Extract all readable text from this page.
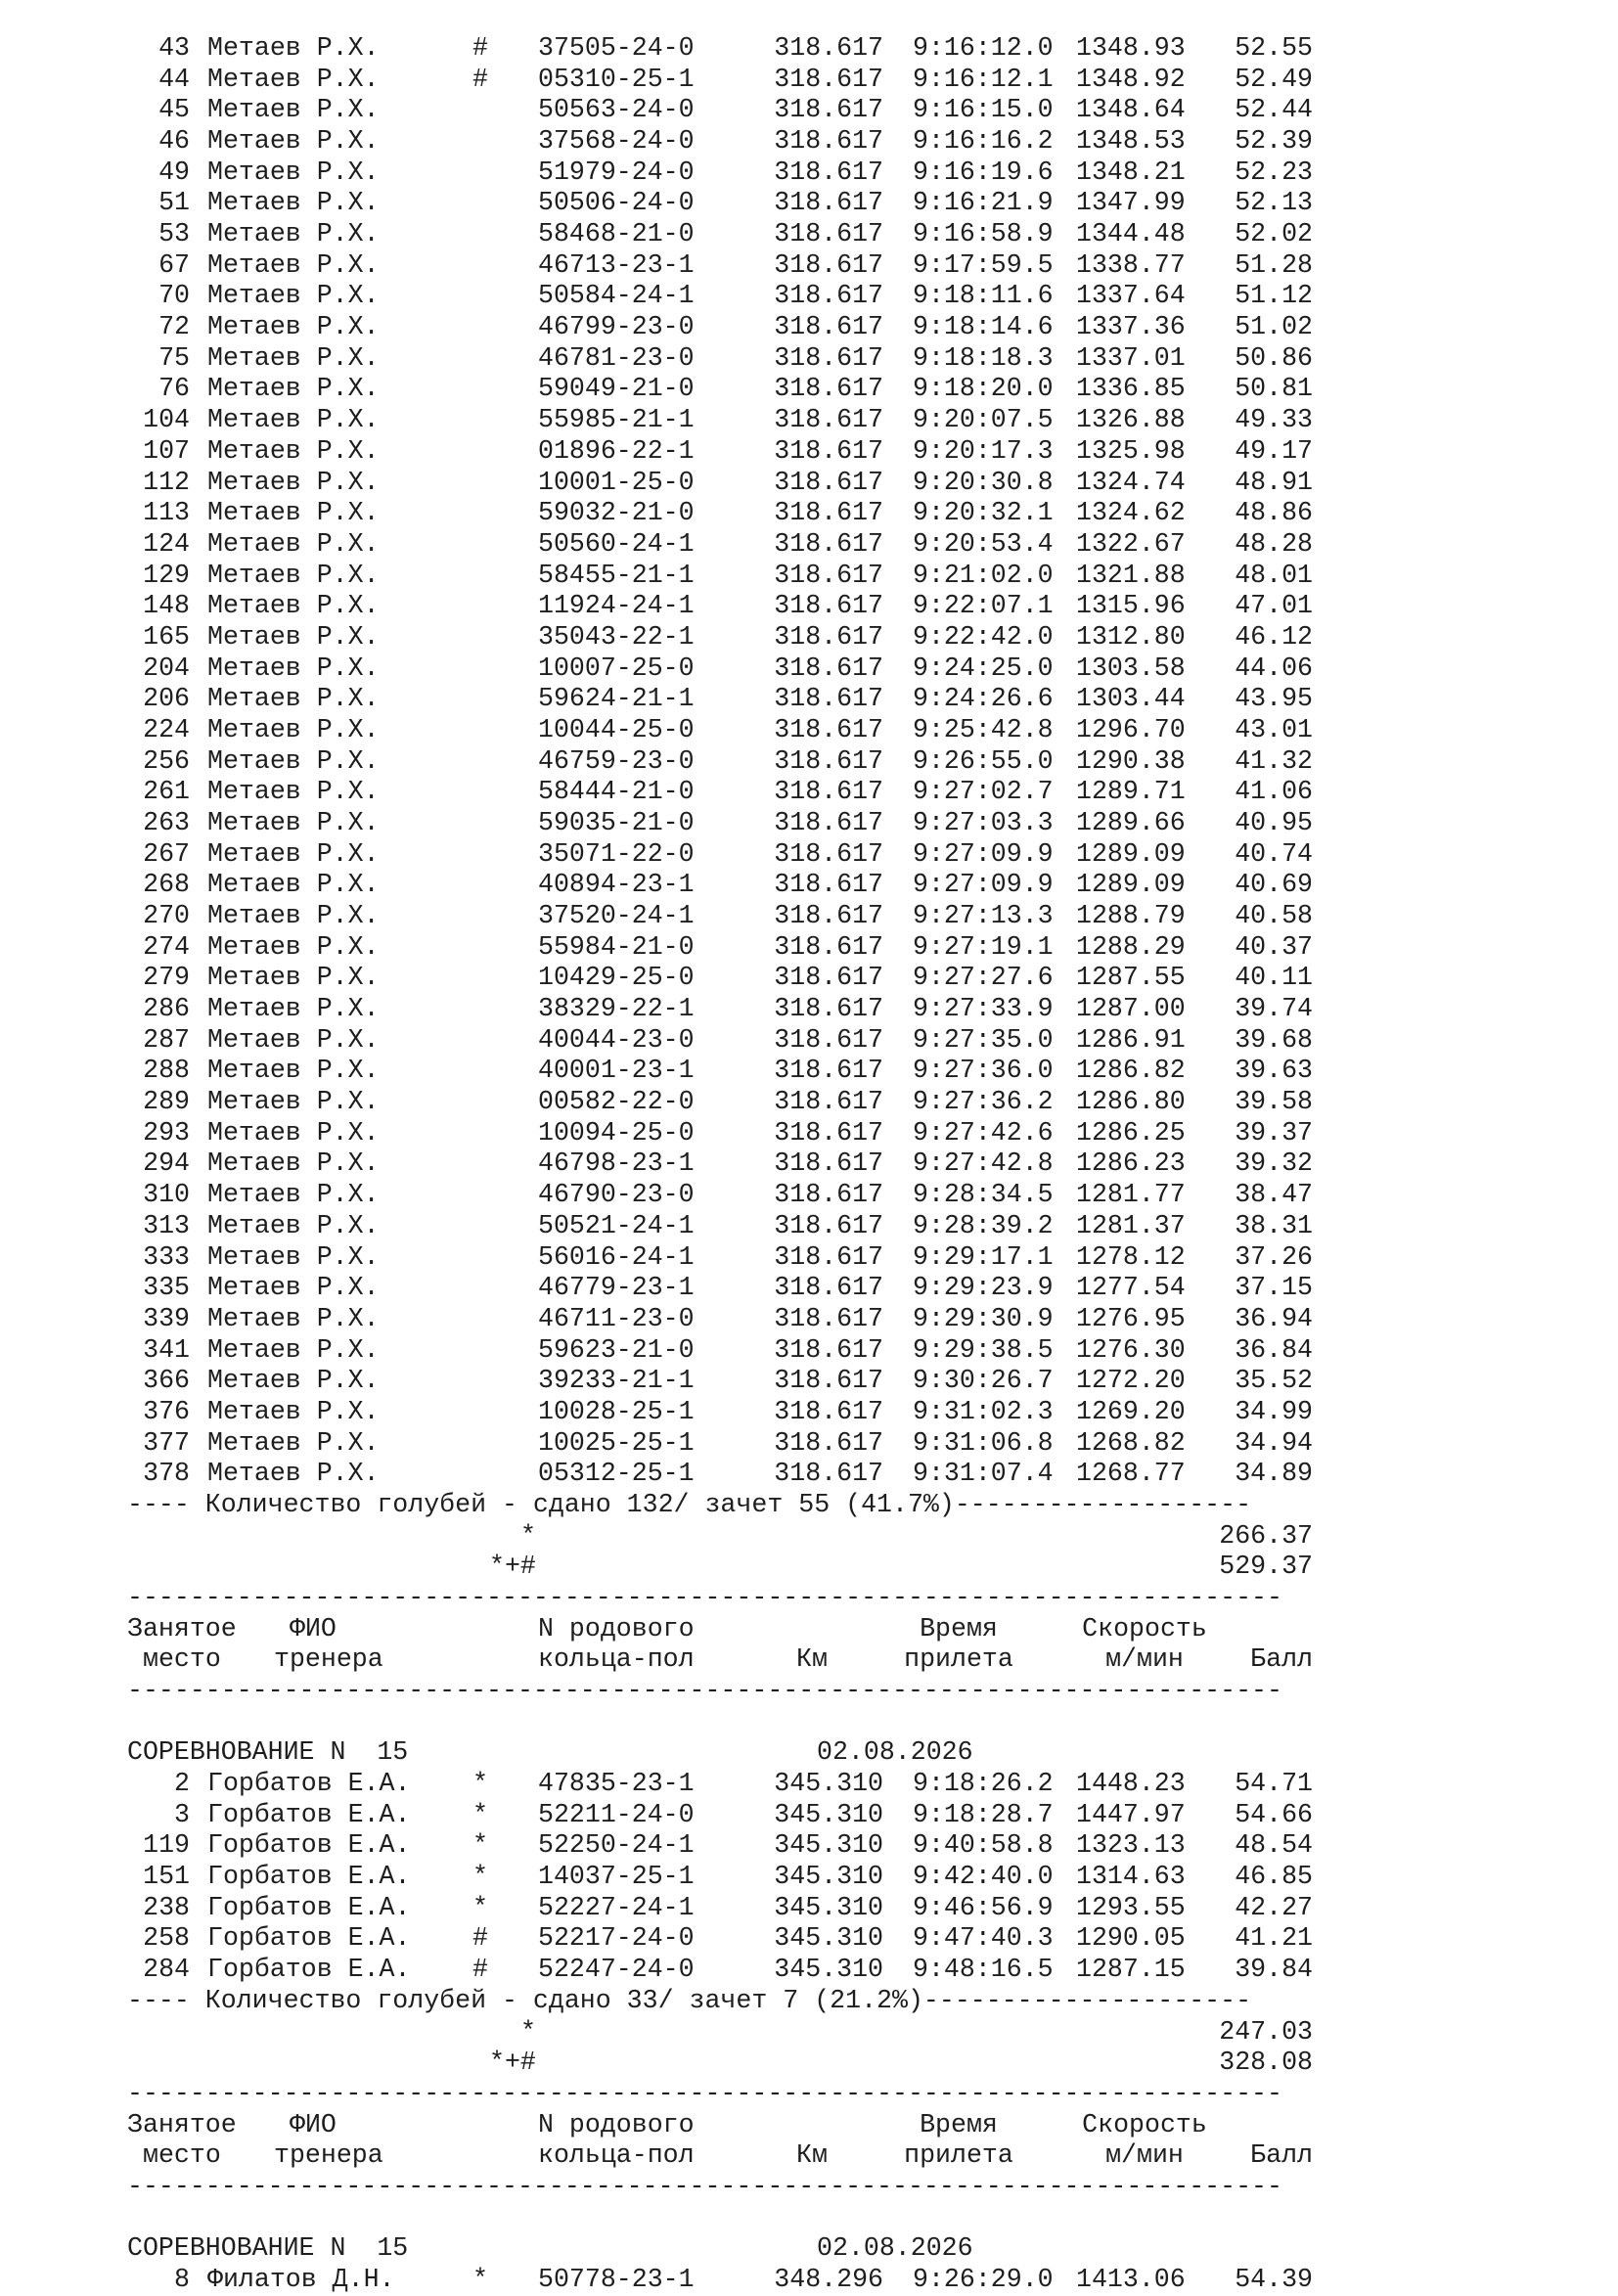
43 Метаев Р.Х.	# 37505-24-0	318.617 9:16:12.0 1348.93	52.55
44 Метаев Р.Х.	# 05310-25-1	318.617 9:16:12.1 1348.92	52.49
45 Метаев Р.Х.	50563-24-0	318.617 9:16:15.0 1348.64	52.44
46 Метаев Р.Х.	37568-24-0	318.617 9:16:16.2 1348.53	52.39
49 Метаев Р.Х.	51979-24-0	318.617 9:16:19.6 1348.21	52.23
51 Метаев Р.Х.	50506-24-0	318.617 9:16:21.9 1347.99	52.13
53 Метаев Р.Х.	58468-21-0	318.617 9:16:58.9 1344.48	52.02
67 Метаев Р.Х.	46713-23-1	318.617 9:17:59.5 1338.77	51.28
70 Метаев Р.Х.	50584-24-1	318.617 9:18:11.6 1337.64	51.12
72 Метаев Р.Х.	46799-23-0	318.617 9:18:14.6 1337.36	51.02
75 Метаев Р.Х.	46781-23-0	318.617 9:18:18.3 1337.01	50.86
76 Метаев Р.Х.	59049-21-0	318.617 9:18:20.0 1336.85	50.81
104 Метаев Р.Х.	55985-21-1	318.617 9:20:07.5 1326.88	49.33
107 Метаев Р.Х.	01896-22-1	318.617 9:20:17.3 1325.98	49.17
112 Метаев Р.Х.	10001-25-0	318.617 9:20:30.8 1324.74	48.91
113 Метаев Р.Х.	59032-21-0	318.617 9:20:32.1 1324.62	48.86
124 Метаев Р.Х.	50560-24-1	318.617 9:20:53.4 1322.67	48.28
129 Метаев Р.Х.	58455-21-1	318.617 9:21:02.0 1321.88	48.01
148 Метаев Р.Х.	11924-24-1	318.617 9:22:07.1 1315.96	47.01
165 Метаев Р.Х.	35043-22-1	318.617 9:22:42.0 1312.80	46.12
204 Метаев Р.Х.	10007-25-0	318.617 9:24:25.0 1303.58	44.06
206 Метаев Р.Х.	59624-21-1	318.617 9:24:26.6 1303.44	43.95
224 Метаев Р.Х.	10044-25-0	318.617 9:25:42.8 1296.70	43.01
256 Метаев Р.Х.	46759-23-0	318.617 9:26:55.0 1290.38	41.32
261 Метаев Р.Х.	58444-21-0	318.617 9:27:02.7 1289.71	41.06
263 Метаев Р.Х.	59035-21-0	318.617 9:27:03.3 1289.66	40.95
267 Метаев Р.Х.	35071-22-0	318.617 9:27:09.9 1289.09	40.74
268 Метаев Р.Х.	40894-23-1	318.617 9:27:09.9 1289.09	40.69
270 Метаев Р.Х.	37520-24-1	318.617 9:27:13.3 1288.79	40.58
274 Метаев Р.Х.	55984-21-0	318.617 9:27:19.1 1288.29	40.37
279 Метаев Р.Х.	10429-25-0	318.617 9:27:27.6 1287.55	40.11
286 Метаев Р.Х.	38329-22-1	318.617 9:27:33.9 1287.00	39.74
287 Метаев Р.Х.	40044-23-0	318.617 9:27:35.0 1286.91	39.68
288 Метаев Р.Х.	40001-23-1	318.617 9:27:36.0 1286.82	39.63
289 Метаев Р.Х.	00582-22-0	318.617 9:27:36.2 1286.80	39.58
293 Метаев Р.Х.	10094-25-0	318.617 9:27:42.6 1286.25	39.37
294 Метаев Р.Х.	46798-23-1	318.617 9:27:42.8 1286.23	39.32
310 Метаев Р.Х.	46790-23-0	318.617 9:28:34.5 1281.77	38.47
313 Метаев Р.Х.	50521-24-1	318.617 9:28:39.2 1281.37	38.31
333 Метаев Р.Х.	56016-24-1	318.617 9:29:17.1 1278.12	37.26
335 Метаев Р.Х.	46779-23-1	318.617 9:29:23.9 1277.54	37.15
339 Метаев Р.Х.	46711-23-0	318.617 9:29:30.9 1276.95	36.94
341 Метаев Р.Х.	59623-21-0	318.617 9:29:38.5 1276.30	36.84
366 Метаев Р.Х.	39233-21-1	318.617 9:30:26.7 1272.20	35.52
376 Метаев Р.Х.	10028-25-1	318.617 9:31:02.3 1269.20	34.99
377 Метаев Р.Х.	10025-25-1	318.617 9:31:06.8 1268.82	34.94
378 Метаев Р.Х.	05312-25-1	318.617 9:31:07.4 1268.77	34.89
---- Количество голубей - сдано 132/ зачет 55 (41.7%)-------------------
*	266.37
*+#	529.37
--------------------------------------------------------------------------
Занятое ФИО	N родового	Время	Скорость
место тренера	кольца-пол	Км	прилета	м/мин	Балл
--------------------------------------------------------------------------
СОРЕВНОВАНИЕ N  15	02.08.2026
2 Горбатов Е.А. * 47835-23-1	345.310 9:18:26.2 1448.23	54.71
3 Горбатов Е.А. * 52211-24-0	345.310 9:18:28.7 1447.97	54.66
119 Горбатов Е.А. * 52250-24-1	345.310 9:40:58.8 1323.13	48.54
151 Горбатов Е.А. * 14037-25-1	345.310 9:42:40.0 1314.63	46.85
238 Горбатов Е.А. * 52227-24-1	345.310 9:46:56.9 1293.55	42.27
258 Горбатов Е.А. # 52217-24-0	345.310 9:47:40.3 1290.05	41.21
284 Горбатов Е.А. # 52247-24-0	345.310 9:48:16.5 1287.15	39.84
---- Количество голубей - сдано 33/ зачет 7 (21.2%)---------------------
*	247.03
*+#	328.08
--------------------------------------------------------------------------
Занятое ФИО	N родового	Время	Скорость
место тренера	кольца-пол	Км	прилета	м/мин	Балл
--------------------------------------------------------------------------
СОРЕВНОВАНИЕ N  15	02.08.2026
8 Филатов Д.Н.	* 50778-23-1	348.296 9:26:29.0 1413.06	54.39
